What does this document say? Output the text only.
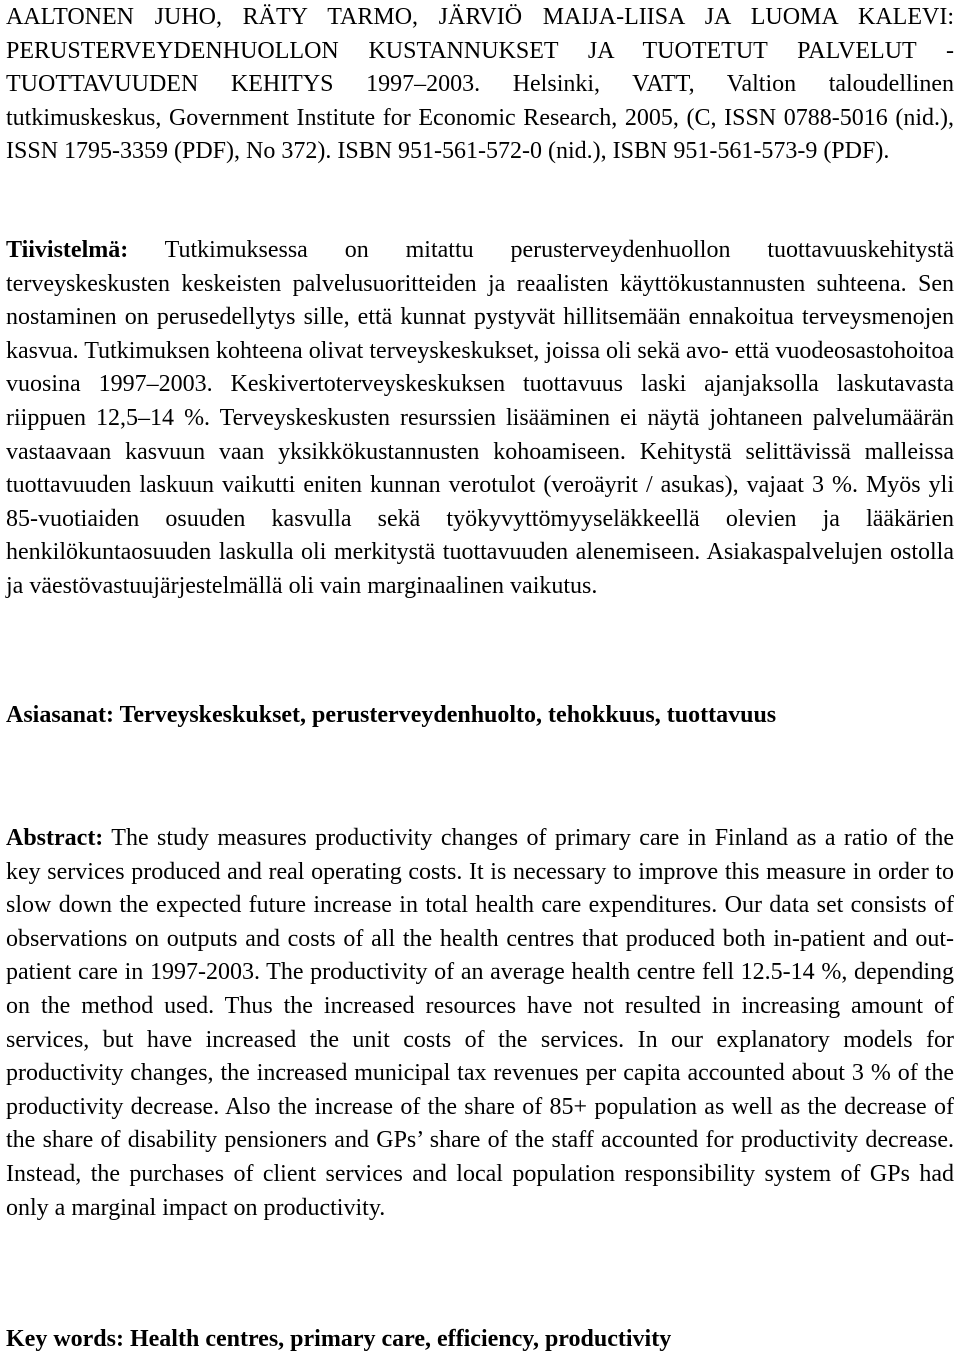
AALTONEN JUHO, RÄTY TARMO, JÄRVIÖ MAIJA-LIISA JA LUOMA KALEVI: PERUSTERVEYDENHUOLLON KUSTANNUKSET JA TUOTETUT PALVELUT - TUOTTAVUUDEN KEHITYS 1997–2003. Helsinki, VATT, Valtion taloudellinen tutkimuskeskus, Government Institute for Economic Research, 2005, (C, ISSN 0788-5016 (nid.), ISSN 1795-3359 (PDF), No 372). ISBN 951-561-572-0 (nid.), ISBN 951-561-573-9 (PDF).

Tiivistelmä: Tutkimuksessa on mitattu perusterveydenhuollon tuottavuuskehitystä terveyskeskusten keskeisten palvelusuoritteiden ja reaalisten käyttökustannusten suhteena. Sen nostaminen on perusedellytys sille, että kunnat pystyvät hillitsemään ennakoitua terveysmenojen kasvua. Tutkimuksen kohteena olivat terveyskeskukset, joissa oli sekä avo- että vuodeosastohoitoa vuosina 1997–2003. Keskivertoterveyskeskuksen tuottavuus laski ajanjaksolla laskutavasta riippuen 12,5–14 %. Terveyskeskusten resurssien lisääminen ei näytä johtaneen palvelumäärän vastaavaan kasvuun vaan yksikkökustannusten kohoamiseen. Kehitystä selittävissä malleissa tuottavuuden laskuun vaikutti eniten kunnan verotulot (veroäyrit / asukas), vajaat 3 %. Myös yli 85-vuotiaiden osuuden kasvulla sekä työkyvyttömyyseläkkeellä olevien ja lääkärien henkilökuntaosuuden laskulla oli merkitystä tuottavuuden alenemiseen. Asiakaspalvelujen ostolla ja väestövastuujärjestelmällä oli vain marginaalinen vaikutus.

Asiasanat: Terveyskeskukset, perusterveydenhuolto, tehokkuus, tuottavuus

Abstract: The study measures productivity changes of primary care in Finland as a ratio of the key services produced and real operating costs. It is necessary to improve this measure in order to slow down the expected future increase in total health care expenditures. Our data set consists of observations on outputs and costs of all the health centres that produced both in-patient and out-patient care in 1997-2003. The productivity of an average health centre fell 12.5-14 %, depending on the method used. Thus the increased resources have not resulted in increasing amount of services, but have increased the unit costs of the services. In our explanatory models for productivity changes, the increased municipal tax revenues per capita accounted about 3 % of the productivity decrease. Also the increase of the share of 85+ population as well as the decrease of the share of disability pensioners and GPs’ share of the staff accounted for productivity decrease. Instead, the purchases of client services and local population responsibility system of GPs had only a marginal impact on productivity.

Key words: Health centres, primary care, efficiency, productivity
